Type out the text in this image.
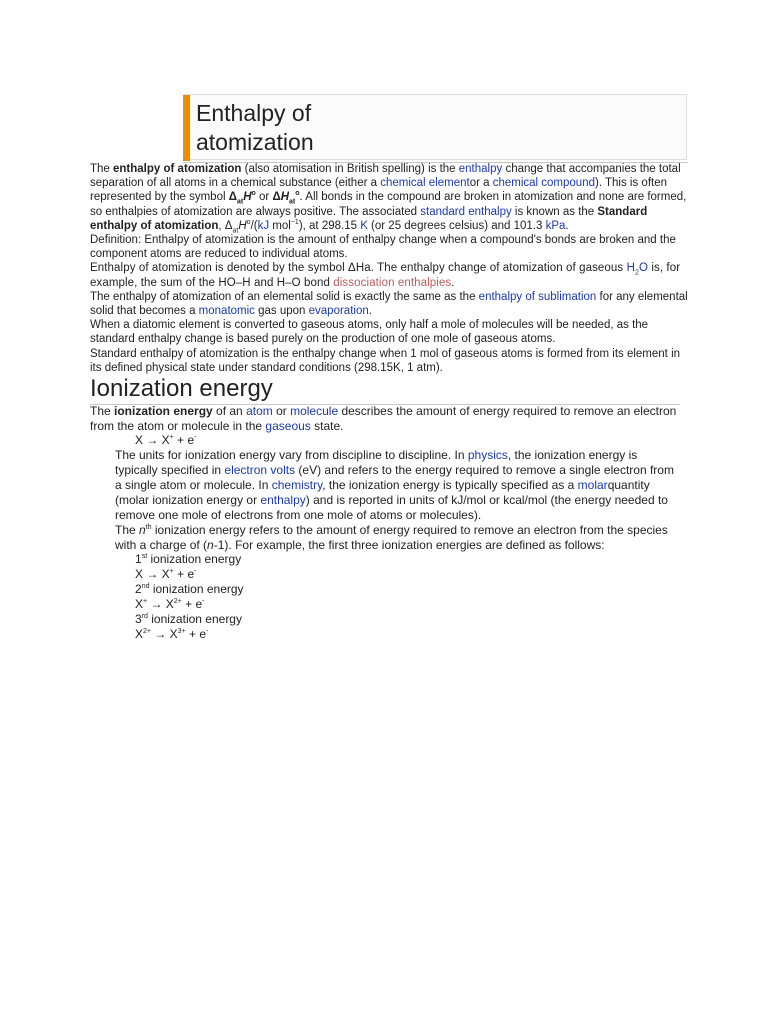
Enthalpy of
atomization

The enthalpy of atomization (also atomisation in British spelling) is the enthalpy change that accompanies the total separation of all atoms in a chemical substance (either a chemical elementor a chemical compound). This is often represented by the symbol $\Delta_{at}H^o$ or $\Delta H_{at}^o$. All bonds in the compound are broken in atomization and none are formed, so enthalpies of atomization are always positive. The associated standard enthalpy is known as the Standard enthalpy of atomization, $\Delta_{at}H^o/(kJ$ mol$^{-1}$), at 298.15 K (or 25 degrees celsius) and 101.3 kPa.

Definition: Enthalpy of atomization is the amount of enthalpy change when a compound's bonds are broken and the component atoms are reduced to individual atoms.

Enthalpy of atomization is denoted by the symbol ΔHa. The enthalpy change of atomization of gaseous $H_2O$ is, for example, the sum of the HO–H and H–O bond dissociation enthalpies.

The enthalpy of atomization of an elemental solid is exactly the same as the enthalpy of sublimation for any elemental solid that becomes a monatomic gas upon evaporation.

When a diatomic element is converted to gaseous atoms, only half a mole of molecules will be needed, as the standard enthalpy change is based purely on the production of one mole of gaseous atoms.

Standard enthalpy of atomization is the enthalpy change when 1 mol of gaseous atoms is formed from its element in its defined physical state under standard conditions (298.15K, 1 atm).

Ionization energy

The ionization energy of an atom or molecule describes the amount of energy required to remove an electron from the atom or molecule in the gaseous state.

X → X+ + e-

The units for ionization energy vary from discipline to discipline. In physics, the ionization energy is typically specified in electron volts (eV) and refers to the energy required to remove a single electron from a single atom or molecule. In chemistry, the ionization energy is typically specified as a molarquantity (molar ionization energy or enthalpy) and is reported in units of kJ/mol or kcal/mol (the energy needed to remove one mole of electrons from one mole of atoms or molecules).

The $n^{th}$ ionization energy refers to the amount of energy required to remove an electron from the species with a charge of (n-1). For example, the first three ionization energies are defined as follows:

1st ionization energy
X → X+ + e-
2nd ionization energy
$X^+ \to X^{2+} + e^-$
3rd ionization energy
$X^{2+} \to X^{3+} + e^-$
